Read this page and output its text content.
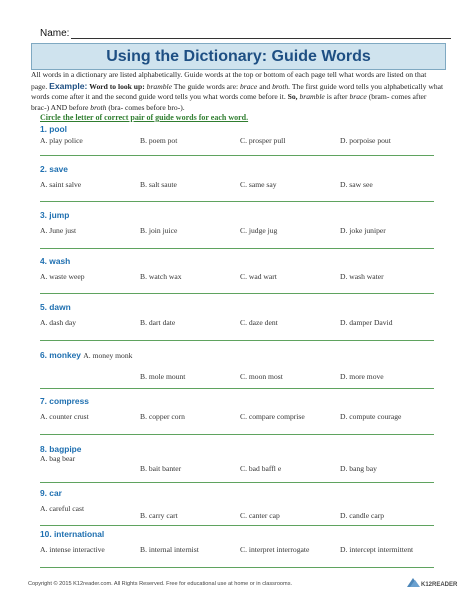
Name:
Using the Dictionary: Guide Words
All words in a dictionary are listed alphabetically. Guide words at the top or bottom of each page tell what words are listed on that page. Example: Word to look up: bramble The guide words are: brace and broth. The first guide word tells you alphabetically what words come after it and the second guide word tells you what words come before it. So, bramble is after brace (bram- comes after brac-) AND before broth (bra- comes before bro-).
Circle the letter of correct pair of guide words for each word.
1. pool
A. play police	B. poem pot	C. prosper pull	D. porpoise pout
2. save
A. saint salve	B. salt saute	C. same say	D. saw see
3. jump
A. June just	B. join juice	C. judge jug	D. joke juniper
4. wash
A. waste weep	B. watch wax	C. wad wart	D. wash water
5. dawn
A. dash day	B. dart date	C. daze dent	D. damper David
6. monkey A. money monk
B. mole mount	C. moon most	D. more move
7. compress
A. counter crust	B. copper corn	C. compare comprise	D. compute courage
8. bagpipe
A. bag bear
B. bait banter	C. bad baffl e	D. bang bay
9. car
A. careful cast
B. carry cart	C. canter cap	D. candle carp
10. international
A. intense interactive	B. internal internist	C. interpret interrogate	D. intercept intermittent
Copyright © 2015 K12reader.com. All Rights Reserved. Free for educational use at home or in classrooms.	K12READER
